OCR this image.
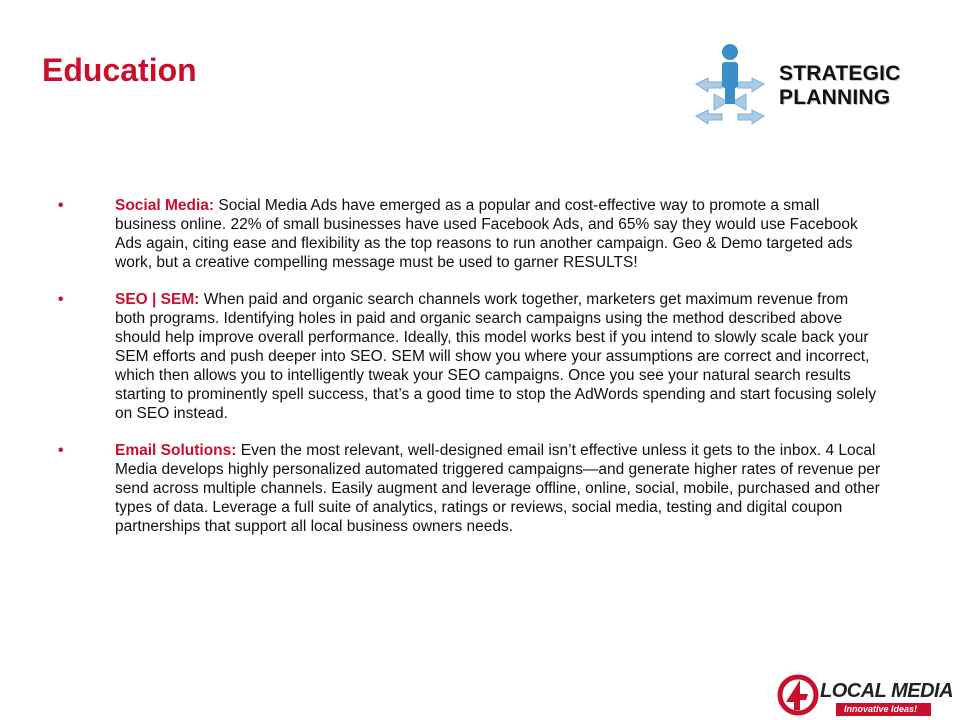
Education	STRATEGIC
PLANNING
•	Social Media: Social Media Ads have emerged as a popular and cost-effective way to promote a small business online. 22% of small businesses have used Facebook Ads, and 65% say they would use Facebook Ads again, citing ease and flexibility as the top reasons to run another campaign. Geo & Demo targeted ads work, but a creative compelling message must be used to garner RESULTS!
•	SEO | SEM: When paid and organic search channels work together, marketers get maximum revenue from both programs. Identifying holes in paid and organic search campaigns using the method described above should help improve overall performance. Ideally, this model works best if you intend to slowly scale back your SEM efforts and push deeper into SEO. SEM will show you where your assumptions are correct and incorrect, which then allows you to intelligently tweak your SEO campaigns. Once you see your natural search results starting to prominently spell success, that’s a good time to stop the AdWords spending and start focusing solely on SEO instead.
•	Email Solutions: Even the most relevant, well-designed email isn’t effective unless it gets to the inbox. 4 Local Media develops highly personalized automated triggered campaigns—and generate higher rates of revenue per send across multiple channels. Easily augment and leverage offline, online, social, mobile, purchased and other types of data. Leverage a full suite of analytics, ratings or reviews, social media, testing and digital coupon partnerships that support all local business owners needs.
LOCAL MEDIA
Innovative Ideas!
